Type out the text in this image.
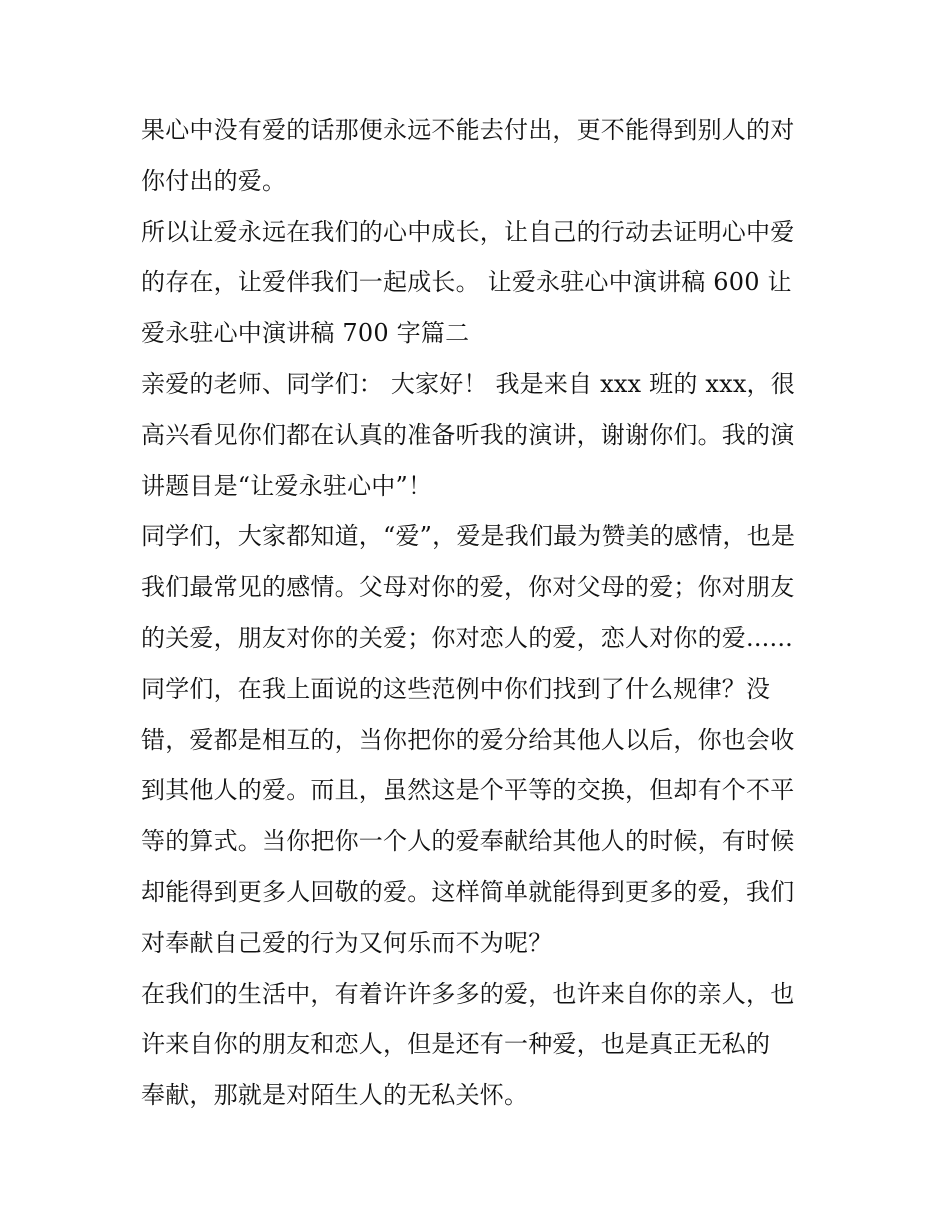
果心中没有爱的话那便永远不能去付出，更不能得到别人的对
你付出的爱。
所以让爱永远在我们的心中成长，让自己的行动去证明心中爱
的存在，让爱伴我们一起成长。 让爱永驻心中演讲稿 600 让
爱永驻心中演讲稿 700 字篇二
亲爱的老师、同学们： 大家好！ 我是来自 xxx 班的 xxx，很
高兴看见你们都在认真的准备听我的演讲，谢谢你们。我的演
讲题目是“让爱永驻心中”！
同学们，大家都知道，“爱”，爱是我们最为赞美的感情，也是
我们最常见的感情。父母对你的爱，你对父母的爱；你对朋友
的关爱，朋友对你的关爱；你对恋人的爱，恋人对你的爱......
同学们，在我上面说的这些范例中你们找到了什么规律？没
错，爱都是相互的，当你把你的爱分给其他人以后，你也会收
到其他人的爱。而且，虽然这是个平等的交换，但却有个不平
等的算式。当你把你一个人的爱奉献给其他人的时候，有时候
却能得到更多人回敬的爱。这样简单就能得到更多的爱，我们
对奉献自己爱的行为又何乐而不为呢？
在我们的生活中，有着许许多多的爱，也许来自你的亲人，也
许来自你的朋友和恋人，但是还有一种爱，也是真正无私的
奉献，那就是对陌生人的无私关怀。
